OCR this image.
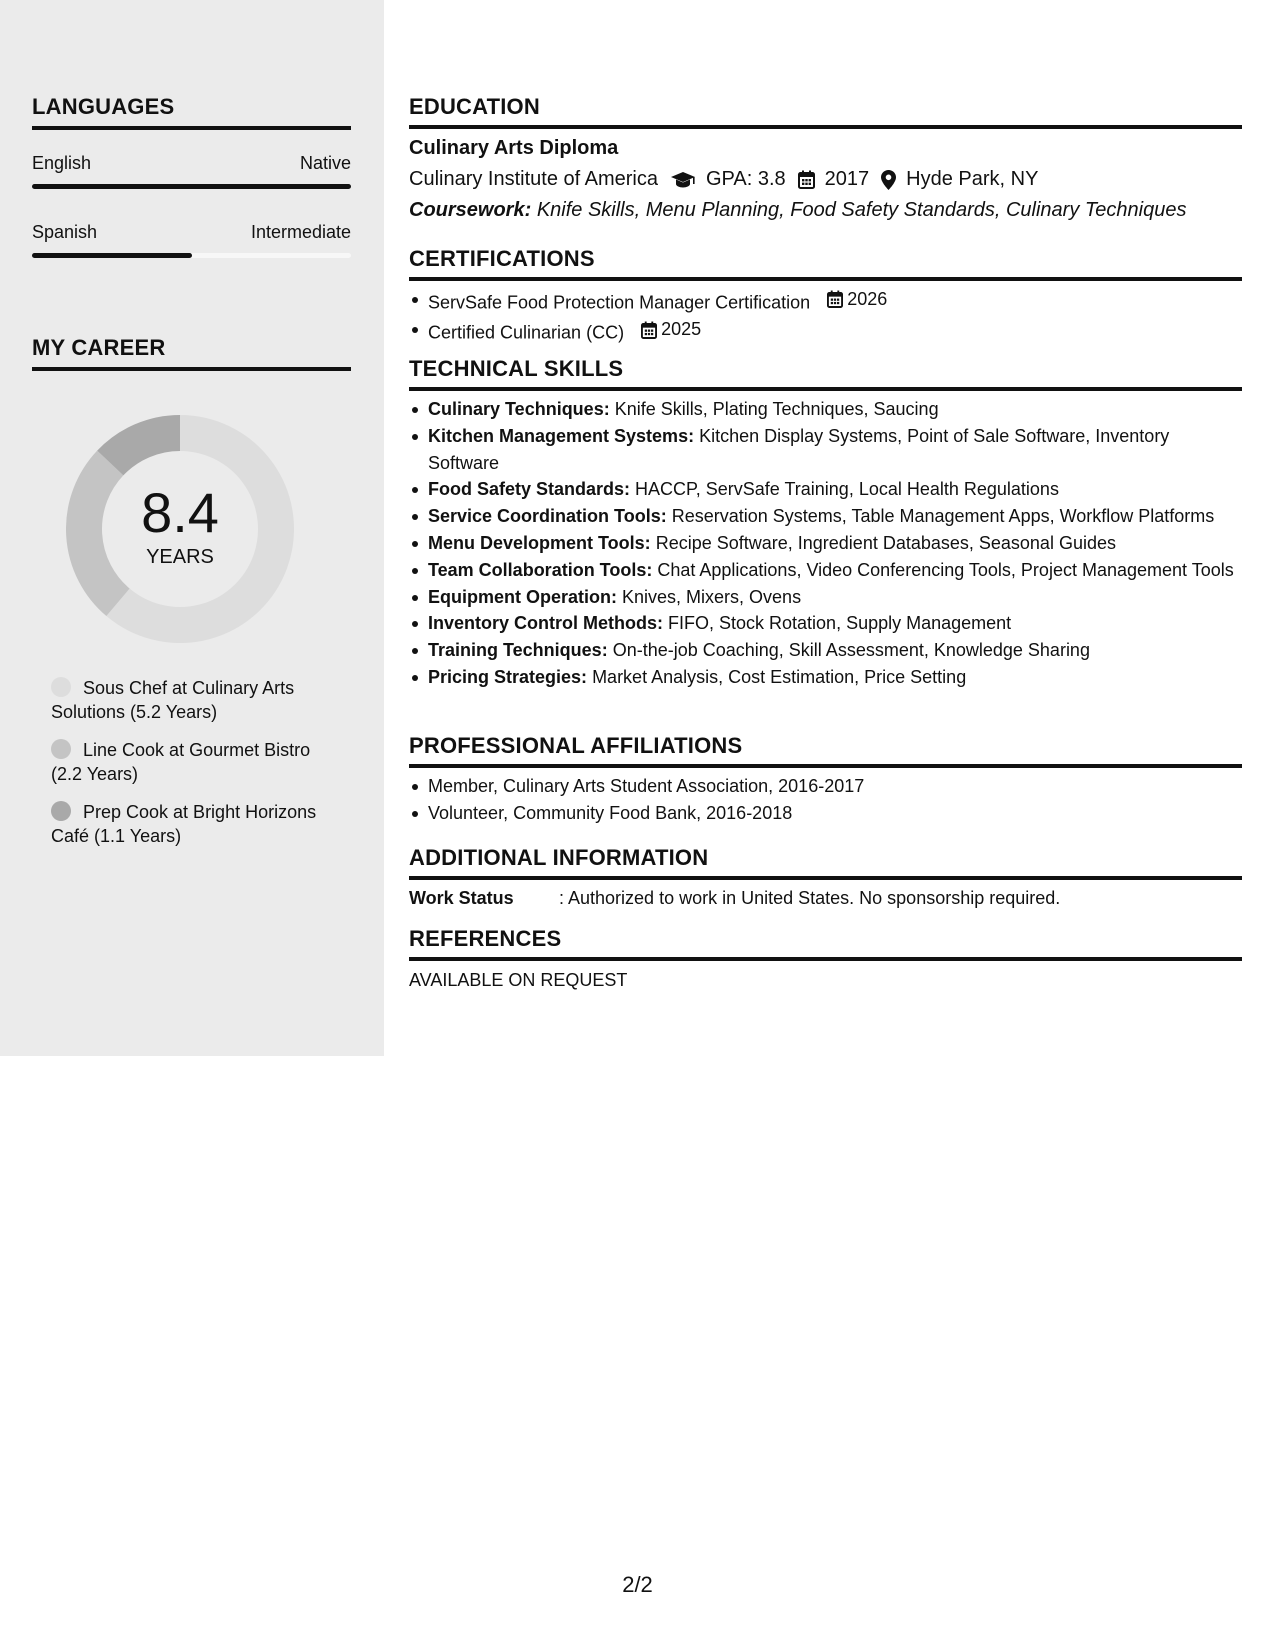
LANGUAGES
English	Native
Spanish	Intermediate
MY CAREER
8.4
YEARS
Sous Chef at Culinary Arts Solutions (5.2 Years)
Line Cook at Gourmet Bistro (2.2 Years)
Prep Cook at Bright Horizons Café (1.1 Years)
EDUCATION
Culinary Arts Diploma
Culinary Institute of America GPA: 3.8 2017 Hyde Park, NY
Coursework: Knife Skills, Menu Planning, Food Safety Standards, Culinary Techniques
CERTIFICATIONS
ServSafe Food Protection Manager Certification 2026
Certified Culinarian (CC) 2025
TECHNICAL SKILLS
Culinary Techniques: Knife Skills, Plating Techniques, Saucing
Kitchen Management Systems: Kitchen Display Systems, Point of Sale Software, Inventory Software
Food Safety Standards: HACCP, ServSafe Training, Local Health Regulations
Service Coordination Tools: Reservation Systems, Table Management Apps, Workflow Platforms
Menu Development Tools: Recipe Software, Ingredient Databases, Seasonal Guides
Team Collaboration Tools: Chat Applications, Video Conferencing Tools, Project Management Tools
Equipment Operation: Knives, Mixers, Ovens
Inventory Control Methods: FIFO, Stock Rotation, Supply Management
Training Techniques: On-the-job Coaching, Skill Assessment, Knowledge Sharing
Pricing Strategies: Market Analysis, Cost Estimation, Price Setting
PROFESSIONAL AFFILIATIONS
Member, Culinary Arts Student Association, 2016-2017
Volunteer, Community Food Bank, 2016-2018
ADDITIONAL INFORMATION
Work Status	: Authorized to work in United States. No sponsorship required.
REFERENCES
AVAILABLE ON REQUEST
2/2
